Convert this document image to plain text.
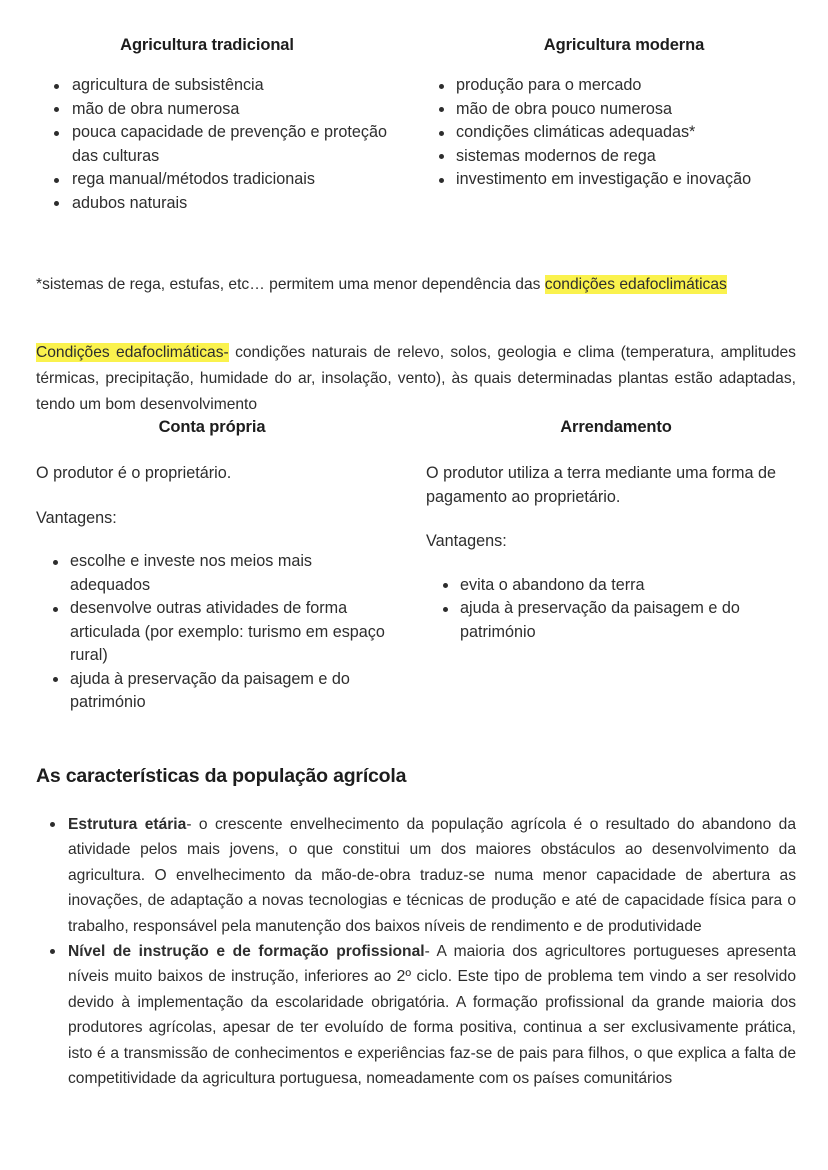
Agricultura tradicional
agricultura de subsistência
mão de obra numerosa
pouca capacidade de prevenção e proteção das culturas
rega manual/métodos tradicionais
adubos naturais
Agricultura moderna
produção para o mercado
mão de obra pouco numerosa
condições climáticas adequadas*
sistemas modernos de rega
investimento em investigação e inovação

*sistemas de rega, estufas, etc… permitem uma menor dependência das condições edafoclimáticas

Condições edafoclimáticas- condições naturais de relevo, solos, geologia e clima (temperatura, amplitudes térmicas, precipitação, humidade do ar, insolação, vento), às quais determinadas plantas estão adaptadas, tendo um bom desenvolvimento

Conta própria

O produtor é o proprietário.

Vantagens:

escolhe e investe nos meios mais adequados
desenvolve outras atividades de forma articulada (por exemplo: turismo em espaço rural)
ajuda à preservação da paisagem e do património
Arrendamento

O produtor utiliza a terra mediante uma forma de pagamento ao proprietário.

Vantagens:

evita o abandono da terra
ajuda à preservação da paisagem e do património
As características da população agrícola
Estrutura etária- o crescente envelhecimento da população agrícola é o resultado do abandono da atividade pelos mais jovens, o que constitui um dos maiores obstáculos ao desenvolvimento da agricultura. O envelhecimento da mão-de-obra traduz-se numa menor capacidade de abertura as inovações, de adaptação a novas tecnologias e técnicas de produção e até de capacidade física para o trabalho, responsável pela manutenção dos baixos níveis de rendimento e de produtividade
Nível de instrução e de formação profissional- A maioria dos agricultores portugueses apresenta níveis muito baixos de instrução, inferiores ao 2º ciclo. Este tipo de problema tem vindo a ser resolvido devido à implementação da escolaridade obrigatória. A formação profissional da grande maioria dos produtores agrícolas, apesar de ter evoluído de forma positiva, continua a ser exclusivamente prática, isto é a transmissão de conhecimentos e experiências faz-se de pais para filhos, o que explica a falta de competitividade da agricultura portuguesa, nomeadamente com os países comunitários
